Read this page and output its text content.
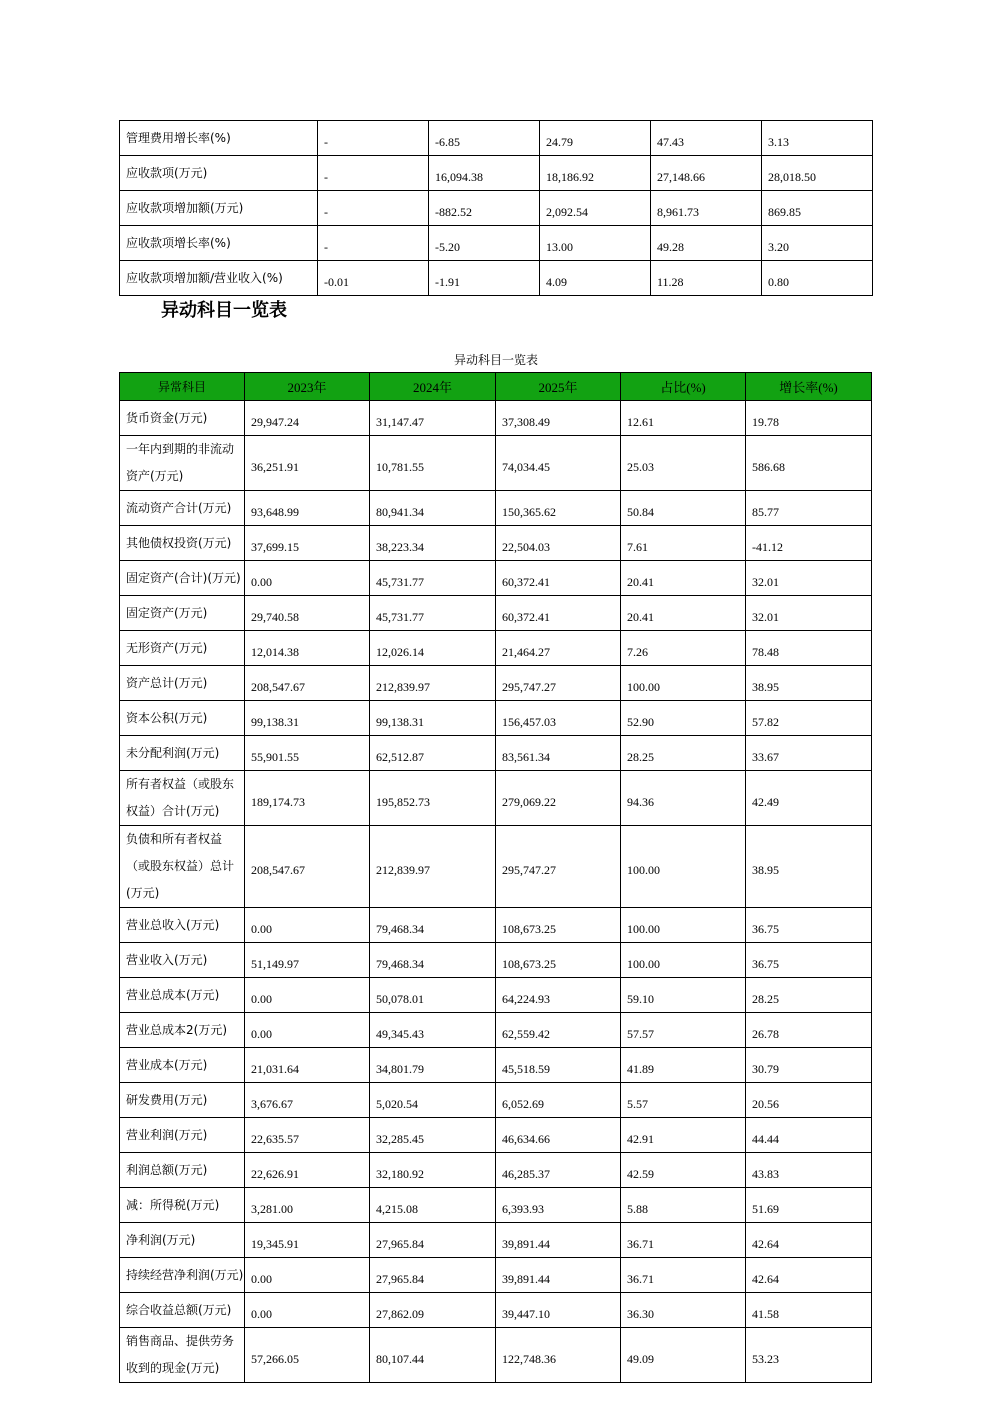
管理费用增长率(%)	-	-6.85	24.79	47.43	3.13
应收款项(万元)	-	16,094.38	18,186.92	27,148.66	28,018.50
应收款项增加额(万元)	-	-882.52	2,092.54	8,961.73	869.85
应收款项增长率(%)	-	-5.20	13.00	49.28	3.20
应收款项增加额/营业收入(%)	-0.01	-1.91	4.09	11.28	0.80
异动科目一览表
异动科目一览表
异常科目	2023年	2024年	2025年	占比(%)	增长率(%)
货币资金(万元)	29,947.24	31,147.47	37,308.49	12.61	19.78
一年内到期的非流动资产(万元)	36,251.91	10,781.55	74,034.45	25.03	586.68
流动资产合计(万元)	93,648.99	80,941.34	150,365.62	50.84	85.77
其他债权投资(万元)	37,699.15	38,223.34	22,504.03	7.61	-41.12
固定资产(合计)(万元)	0.00	45,731.77	60,372.41	20.41	32.01
固定资产(万元)	29,740.58	45,731.77	60,372.41	20.41	32.01
无形资产(万元)	12,014.38	12,026.14	21,464.27	7.26	78.48
资产总计(万元)	208,547.67	212,839.97	295,747.27	100.00	38.95
资本公积(万元)	99,138.31	99,138.31	156,457.03	52.90	57.82
未分配利润(万元)	55,901.55	62,512.87	83,561.34	28.25	33.67
所有者权益（或股东权益）合计(万元)	189,174.73	195,852.73	279,069.22	94.36	42.49
负债和所有者权益（或股东权益）总计(万元)	208,547.67	212,839.97	295,747.27	100.00	38.95
营业总收入(万元)	0.00	79,468.34	108,673.25	100.00	36.75
营业收入(万元)	51,149.97	79,468.34	108,673.25	100.00	36.75
营业总成本(万元)	0.00	50,078.01	64,224.93	59.10	28.25
营业总成本2(万元)	0.00	49,345.43	62,559.42	57.57	26.78
营业成本(万元)	21,031.64	34,801.79	45,518.59	41.89	30.79
研发费用(万元)	3,676.67	5,020.54	6,052.69	5.57	20.56
营业利润(万元)	22,635.57	32,285.45	46,634.66	42.91	44.44
利润总额(万元)	22,626.91	32,180.92	46,285.37	42.59	43.83
减：所得税(万元)	3,281.00	4,215.08	6,393.93	5.88	51.69
净利润(万元)	19,345.91	27,965.84	39,891.44	36.71	42.64
持续经营净利润(万元)	0.00	27,965.84	39,891.44	36.71	42.64
综合收益总额(万元)	0.00	27,862.09	39,447.10	36.30	41.58
销售商品、提供劳务收到的现金(万元)	57,266.05	80,107.44	122,748.36	49.09	53.23
